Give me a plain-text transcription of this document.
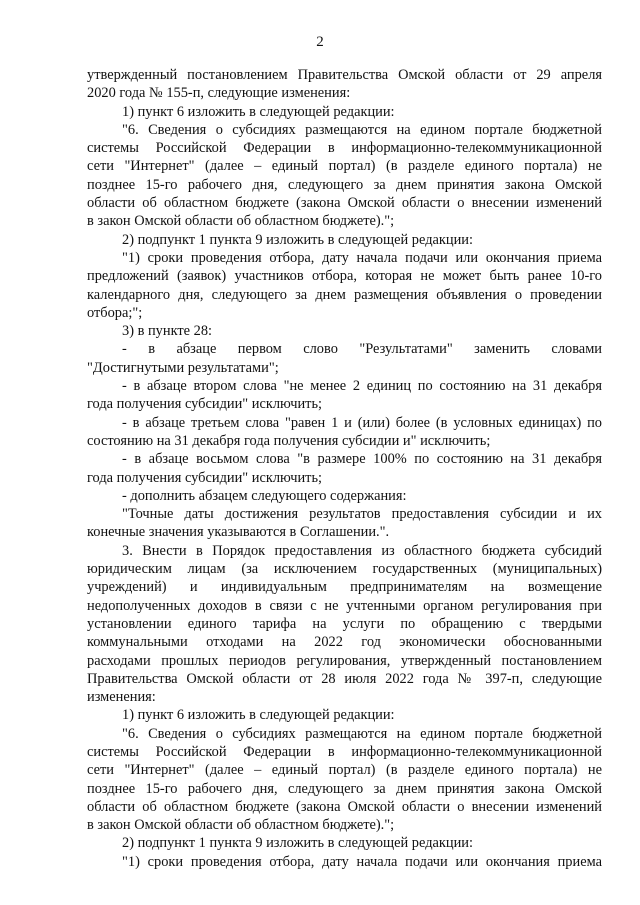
2
утвержденный постановлением Правительства Омской области от 29 апреля
2020 года № 155-п, следующие изменения:
1) пункт 6 изложить в следующей редакции:
"6. Сведения о субсидиях размещаются на едином портале бюджетной
системы Российской Федерации в информационно-телекоммуникационной
сети "Интернет" (далее – единый портал) (в разделе единого портала) не
позднее 15-го рабочего дня, следующего за днем принятия закона Омской
области об областном бюджете (закона Омской области о внесении изменений
в закон Омской области об областном бюджете).";
2) подпункт 1 пункта 9 изложить в следующей редакции:
"1) сроки проведения отбора, дату начала подачи или окончания приема
предложений (заявок) участников отбора, которая не может быть ранее 10-го
календарного дня, следующего за днем размещения объявления о проведении
отбора;";
3) в пункте 28:
- в абзаце первом слово "Результатами" заменить словами
"Достигнутыми результатами";
- в абзаце втором слова "не менее 2 единиц по состоянию на 31 декабря
года получения субсидии" исключить;
- в абзаце третьем слова "равен 1 и (или) более (в условных единицах) по
состоянию на 31 декабря года получения субсидии и" исключить;
- в абзаце восьмом слова "в размере 100% по состоянию на 31 декабря
года получения субсидии" исключить;
- дополнить абзацем следующего содержания:
"Точные даты достижения результатов предоставления субсидии и их
конечные значения указываются в Соглашении.".
3. Внести в Порядок предоставления из областного бюджета субсидий
юридическим лицам (за исключением государственных (муниципальных)
учреждений) и индивидуальным предпринимателям на возмещение
недополученных доходов в связи с не учтенными органом регулирования при
установлении единого тарифа на услуги по обращению с твердыми
коммунальными отходами на 2022 год экономически обоснованными
расходами прошлых периодов регулирования, утвержденный постановлением
Правительства Омской области от 28 июля 2022 года № 397-п, следующие
изменения:
1) пункт 6 изложить в следующей редакции:
"6. Сведения о субсидиях размещаются на едином портале бюджетной
системы Российской Федерации в информационно-телекоммуникационной
сети "Интернет" (далее – единый портал) (в разделе единого портала) не
позднее 15-го рабочего дня, следующего за днем принятия закона Омской
области об областном бюджете (закона Омской области о внесении изменений
в закон Омской области об областном бюджете).";
2) подпункт 1 пункта 9 изложить в следующей редакции:
"1) сроки проведения отбора, дату начала подачи или окончания приема
